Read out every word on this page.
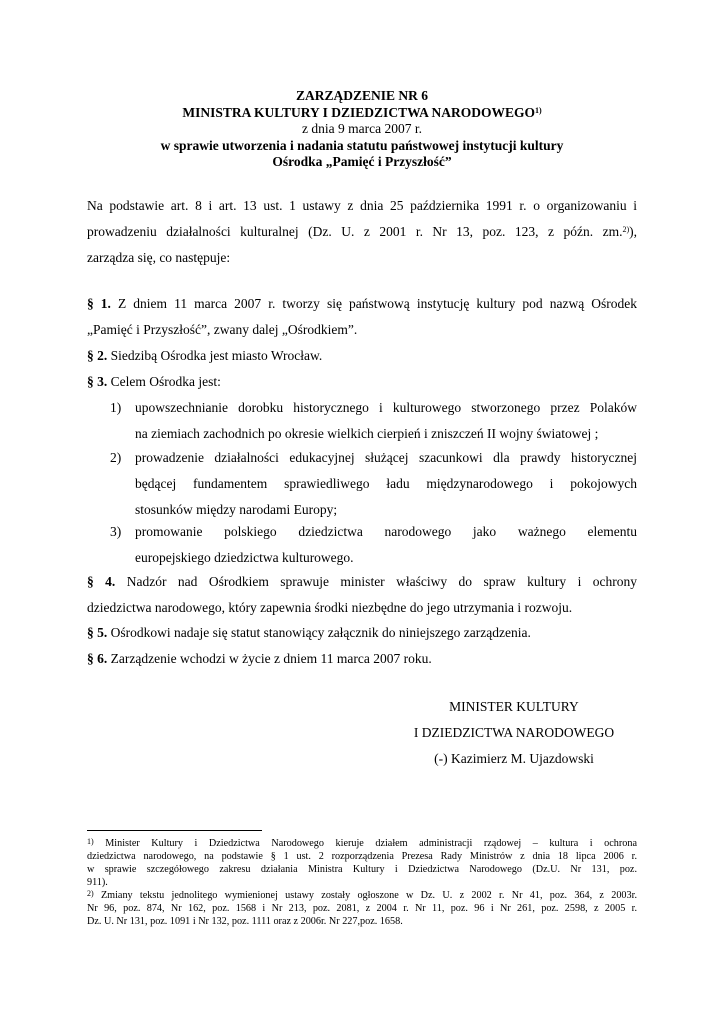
ZARZĄDZENIE NR 6
MINISTRA KULTURY I DZIEDZICTWA NARODOWEGO$^{1)}$
z dnia 9 marca 2007 r.
w sprawie utworzenia i nadania statutu państwowej instytucji kultury
Ośrodka „Pamięć i Przyszłość”
Na podstawie art. 8 i art. 13 ust. 1 ustawy z dnia 25 października 1991 r. o organizowaniu i
prowadzeniu działalności kulturalnej (Dz. U. z 2001 r. Nr 13, poz. 123, z późn. zm.$^{2)}$),
zarządza się, co następuje:
§ 1. Z dniem 11 marca 2007 r. tworzy się państwową instytucję kultury pod nazwą Ośrodek
„Pamięć i Przyszłość”, zwany dalej „Ośrodkiem”.
§ 2. Siedzibą Ośrodka jest miasto Wrocław.
§ 3. Celem Ośrodka jest:
1) upowszechnianie dorobku historycznego i kulturowego stworzonego przez Polaków
na ziemiach zachodnich po okresie wielkich cierpień i zniszczeń II wojny światowej ;
2) prowadzenie działalności edukacyjnej służącej szacunkowi dla prawdy historycznej
będącej fundamentem sprawiedliwego ładu międzynarodowego i pokojowych
stosunków między narodami Europy;
3) promowanie polskiego dziedzictwa narodowego jako ważnego elementu
europejskiego dziedzictwa kulturowego.
§ 4. Nadzór nad Ośrodkiem sprawuje minister właściwy do spraw kultury i ochrony
dziedzictwa narodowego, który zapewnia środki niezbędne do jego utrzymania i rozwoju.
§ 5. Ośrodkowi nadaje się statut stanowiący załącznik do niniejszego zarządzenia.
§ 6. Zarządzenie wchodzi w życie z dniem 11 marca 2007 roku.
MINISTER KULTURY
I DZIEDZICTWA NARODOWEGO
(-) Kazimierz M. Ujazdowski
$^{1)}$ Minister Kultury i Dziedzictwa Narodowego kieruje działem administracji rządowej – kultura i ochrona
dziedzictwa narodowego, na podstawie § 1 ust. 2 rozporządzenia Prezesa Rady Ministrów z dnia 18 lipca 2006 r.
w sprawie szczegółowego zakresu działania Ministra Kultury i Dziedzictwa Narodowego (Dz.U. Nr 131, poz.
911).
$^{2)}$ Zmiany tekstu jednolitego wymienionej ustawy zostały ogłoszone w Dz. U. z 2002 r. Nr 41, poz. 364, z 2003r.
Nr 96, poz. 874, Nr 162, poz. 1568 i Nr 213, poz. 2081, z 2004 r. Nr 11, poz. 96 i Nr 261, poz. 2598, z 2005 r.
Dz. U. Nr 131, poz. 1091 i Nr 132, poz. 1111 oraz z 2006r. Nr 227,poz. 1658.
